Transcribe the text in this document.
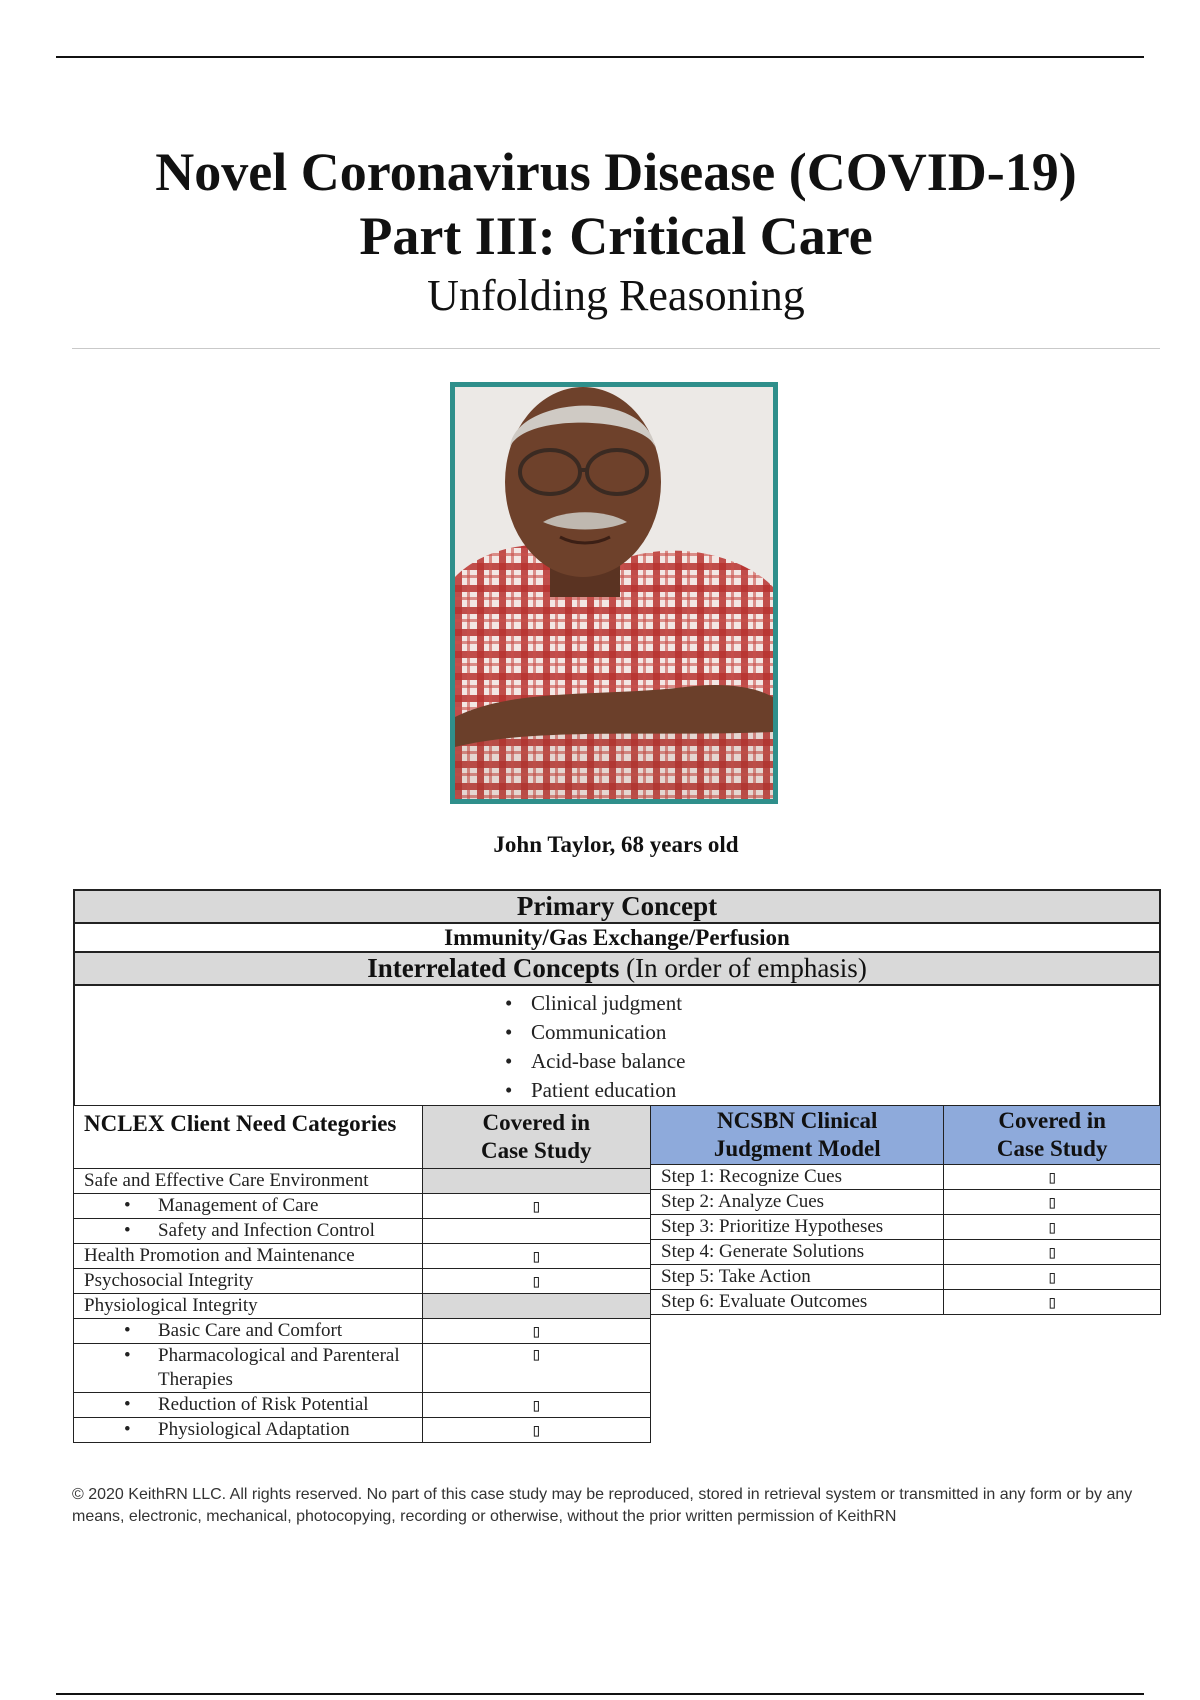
Novel Coronavirus Disease (COVID-19)

Part III: Critical Care

Unfolding Reasoning

John Taylor, 68 years old
Primary Concept
Immunity/Gas Exchange/Perfusion
Interrelated Concepts (In order of emphasis)

• Clinical judgment
• Communication
• Acid-base balance
• Patient education
NCLEX Client Need Categories	Covered in
Case Study
Safe and Effective Care Environment	
• Management of Care	▯
• Safety and Infection Control	
Health Promotion and Maintenance	▯
Psychosocial Integrity	▯
Physiological Integrity	
• Basic Care and Comfort	▯
• Pharmacological and Parenteral Therapies	▯
• Reduction of Risk Potential	▯
• Physiological Adaptation	▯
NCSBN Clinical
Judgment Model	Covered in
Case Study
Step 1: Recognize Cues	▯
Step 2: Analyze Cues	▯
Step 3: Prioritize Hypotheses	▯
Step 4: Generate Solutions	▯
Step 5: Take Action	▯
Step 6: Evaluate Outcomes	▯
© 2020 KeithRN LLC. All rights reserved. No part of this case study may be reproduced, stored in retrieval system or transmitted in any form or by any means, electronic, mechanical, photocopying, recording or otherwise, without the prior written permission of KeithRN
